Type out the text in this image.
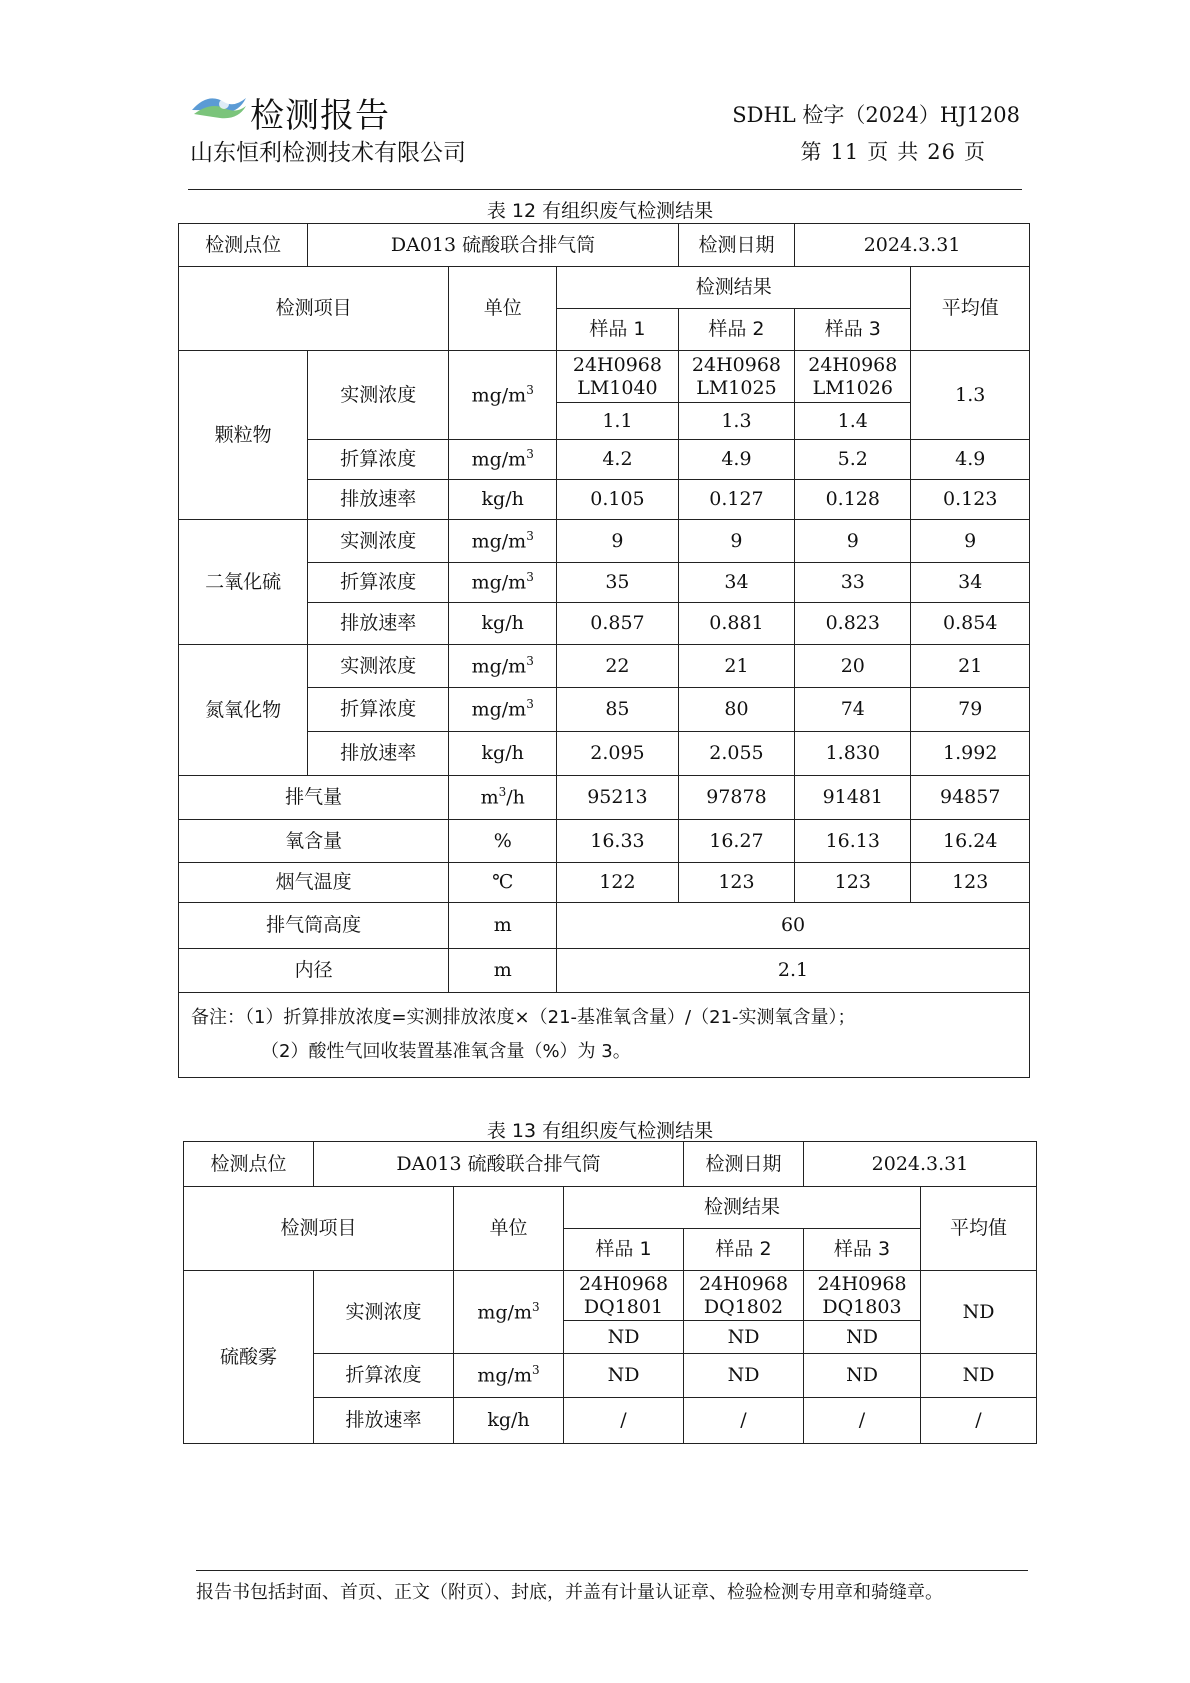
检测报告
山东恒利检测技术有限公司
SDHL 检字（2024）HJ1208
第 11 页 共 26 页
表 12 有组织废气检测结果
检测点位	DA013 硫酸联合排气筒			检测日期	2024.3.31	
检测项目		单位	检测结果			平均值
			样品 1	样品 2	样品 3	
颗粒物	实测浓度	$mg/m^3$	24H0968 LM1040	24H0968 LM1025	24H0968 LM1026	1.3
			1.1	1.3	1.4	
	折算浓度	$mg/m^3$	4.2	4.9	5.2	4.9
	排放速率	kg/h	0.105	0.127	0.128	0.123
二氧化硫	实测浓度	$mg/m^3$	9	9	9	9
	折算浓度	$mg/m^3$	35	34	33	34
	排放速率	kg/h	0.857	0.881	0.823	0.854
氮氧化物	实测浓度	$mg/m^3$	22	21	20	21
	折算浓度	$mg/m^3$	85	80	74	79
	排放速率	kg/h	2.095	2.055	1.830	1.992
排气量		$m^3/h$	95213	97878	91481	94857
氧含量		%	16.33	16.27	16.13	16.24
烟气温度		℃	122	123	123	123
排气筒高度		m	60			
内径		m	2.1			

备注：（1）折算排放浓度=实测排放浓度×（21-基准氧含量）/（21-实测氧含量）；
（2）酸性气回收装置基准氧含量（%）为 3。						
表 13 有组织废气检测结果
检测点位	DA013 硫酸联合排气筒			检测日期	2024.3.31	
检测项目		单位	检测结果			平均值
			样品 1	样品 2	样品 3	
硫酸雾	实测浓度	$mg/m^3$	24H0968 DQ1801	24H0968 DQ1802	24H0968 DQ1803	ND
			ND	ND	ND	
	折算浓度	$mg/m^3$	ND	ND	ND	ND
	排放速率	kg/h	/	/	/	/
报告书包括封面、首页、正文（附页）、封底，并盖有计量认证章、检验检测专用章和骑缝章。
